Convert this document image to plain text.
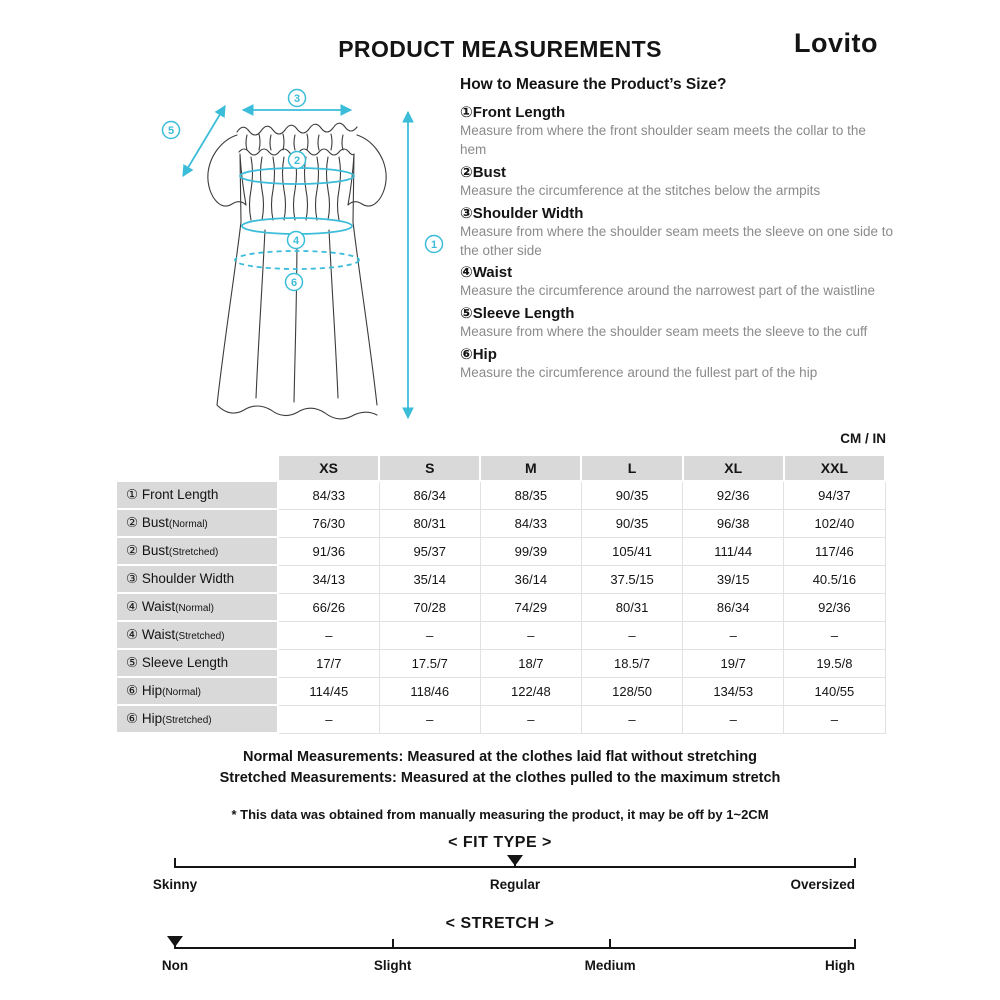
PRODUCT MEASUREMENTS	Lovito
1
2
3
4
5
6
How to Measure the Product’s Size?
①Front Length
Measure from where the front shoulder seam meets the collar to the hem
②Bust
Measure the circumference at the stitches below the armpits
③Shoulder Width
Measure from where the shoulder seam meets the sleeve on one side to the other side
④Waist
Measure the circumference around the narrowest part of the waistline
⑤Sleeve Length
Measure from where the shoulder seam meets the sleeve to the cuff
⑥Hip
Measure the circumference around the fullest part of the hip
CM / IN
	XS	S	M	L	XL	XXL
① Front Length	84/33	86/34	88/35	90/35	92/36	94/37
② Bust(Normal)	76/30	80/31	84/33	90/35	96/38	102/40
② Bust(Stretched)	91/36	95/37	99/39	105/41	111/44	117/46
③ Shoulder Width	34/13	35/14	36/14	37.5/15	39/15	40.5/16
④ Waist(Normal)	66/26	70/28	74/29	80/31	86/34	92/36
④ Waist(Stretched)	–	–	–	–	–	–
⑤ Sleeve Length	17/7	17.5/7	18/7	18.5/7	19/7	19.5/8
⑥ Hip(Normal)	114/45	118/46	122/48	128/50	134/53	140/55
⑥ Hip(Stretched)	–	–	–	–	–	–
Normal Measurements: Measured at the clothes laid flat without stretching
Stretched Measurements: Measured at the clothes pulled to the maximum stretch
* This data was obtained from manually measuring the product, it may be off by 1~2CM
< FIT TYPE >
Skinny	Regular	Oversized
< STRETCH >
Non	Slight	Medium	High
